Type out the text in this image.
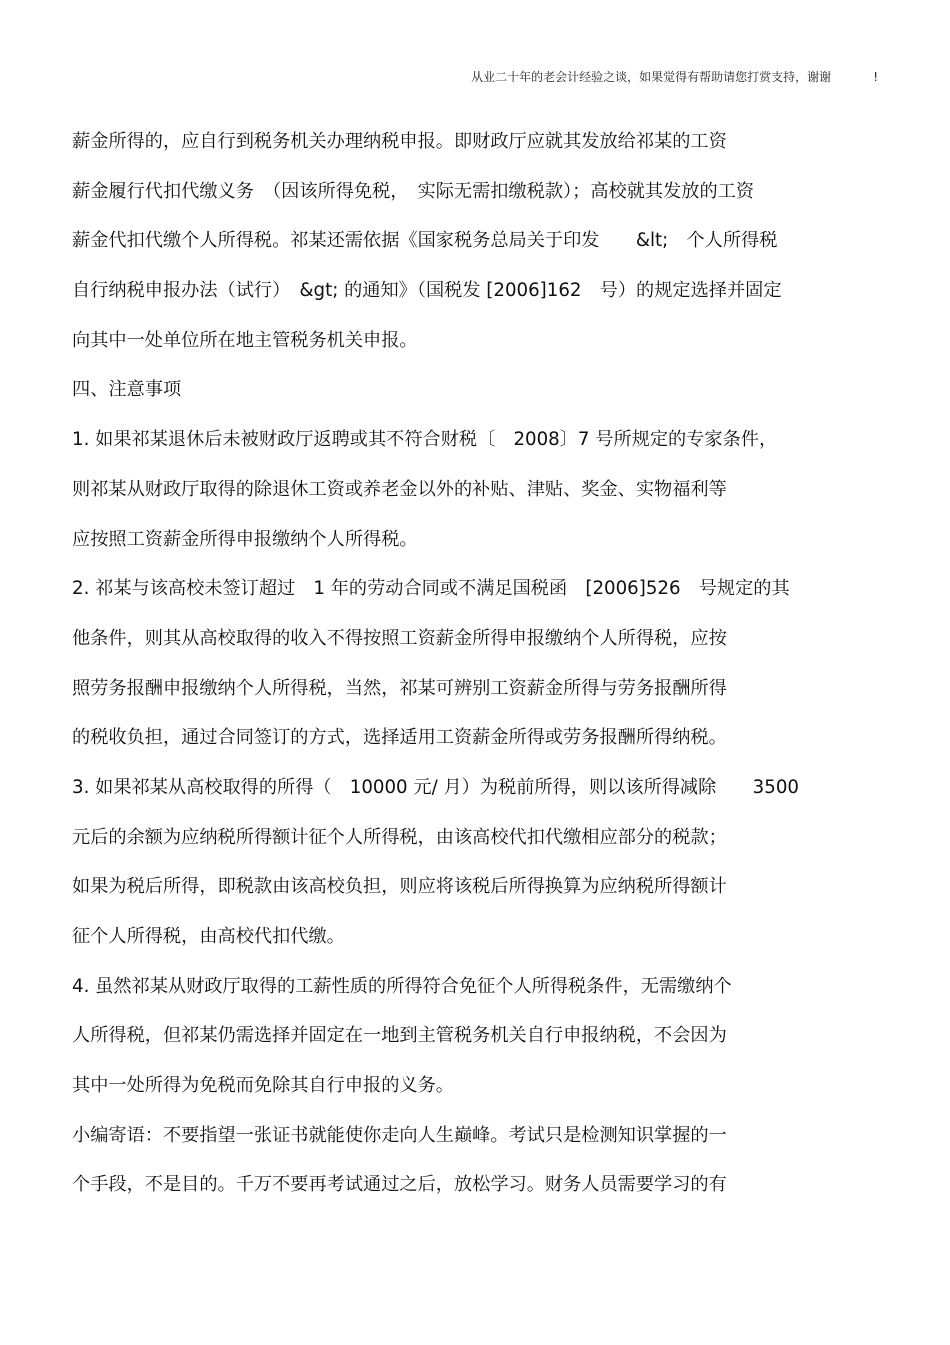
从业二十年的老会计经验之谈，如果觉得有帮助请您打赏支持，谢谢	!
薪金所得的，应自行到税务机关办理纳税申报。即财政厅应就其发放给祁某的工资
薪金履行代扣代缴义务　（因该所得免税，　实际无需扣缴税款）；高校就其发放的工资
薪金代扣代缴个人所得税。祁某还需依据《国家税务总局关于印发　　&lt;　个人所得税
自行纳税申报办法（试行）　&gt; 的通知》（国税发 [2006]162　号）的规定选择并固定
向其中一处单位所在地主管税务机关申报。
四、注意事项
1. 如果祁某退休后未被财政厅返聘或其不符合财税〔　2008〕7 号所规定的专家条件，
则祁某从财政厅取得的除退休工资或养老金以外的补贴、津贴、奖金、实物福利等
应按照工资薪金所得申报缴纳个人所得税。
2. 祁某与该高校未签订超过　1 年的劳动合同或不满足国税函　[2006]526　号规定的其
他条件，则其从高校取得的收入不得按照工资薪金所得申报缴纳个人所得税，应按
照劳务报酬申报缴纳个人所得税，当然，祁某可辨别工资薪金所得与劳务报酬所得
的税收负担，通过合同签订的方式，选择适用工资薪金所得或劳务报酬所得纳税。
3. 如果祁某从高校取得的所得（　10000 元/ 月）为税前所得，则以该所得减除　　3500
元后的余额为应纳税所得额计征个人所得税，由该高校代扣代缴相应部分的税款；
如果为税后所得，即税款由该高校负担，则应将该税后所得换算为应纳税所得额计
征个人所得税，由高校代扣代缴。
4. 虽然祁某从财政厅取得的工薪性质的所得符合免征个人所得税条件，无需缴纳个
人所得税，但祁某仍需选择并固定在一地到主管税务机关自行申报纳税，不会因为
其中一处所得为免税而免除其自行申报的义务。
小编寄语：不要指望一张证书就能使你走向人生巅峰。考试只是检测知识掌握的一
个手段，不是目的。千万不要再考试通过之后，放松学习。财务人员需要学习的有
